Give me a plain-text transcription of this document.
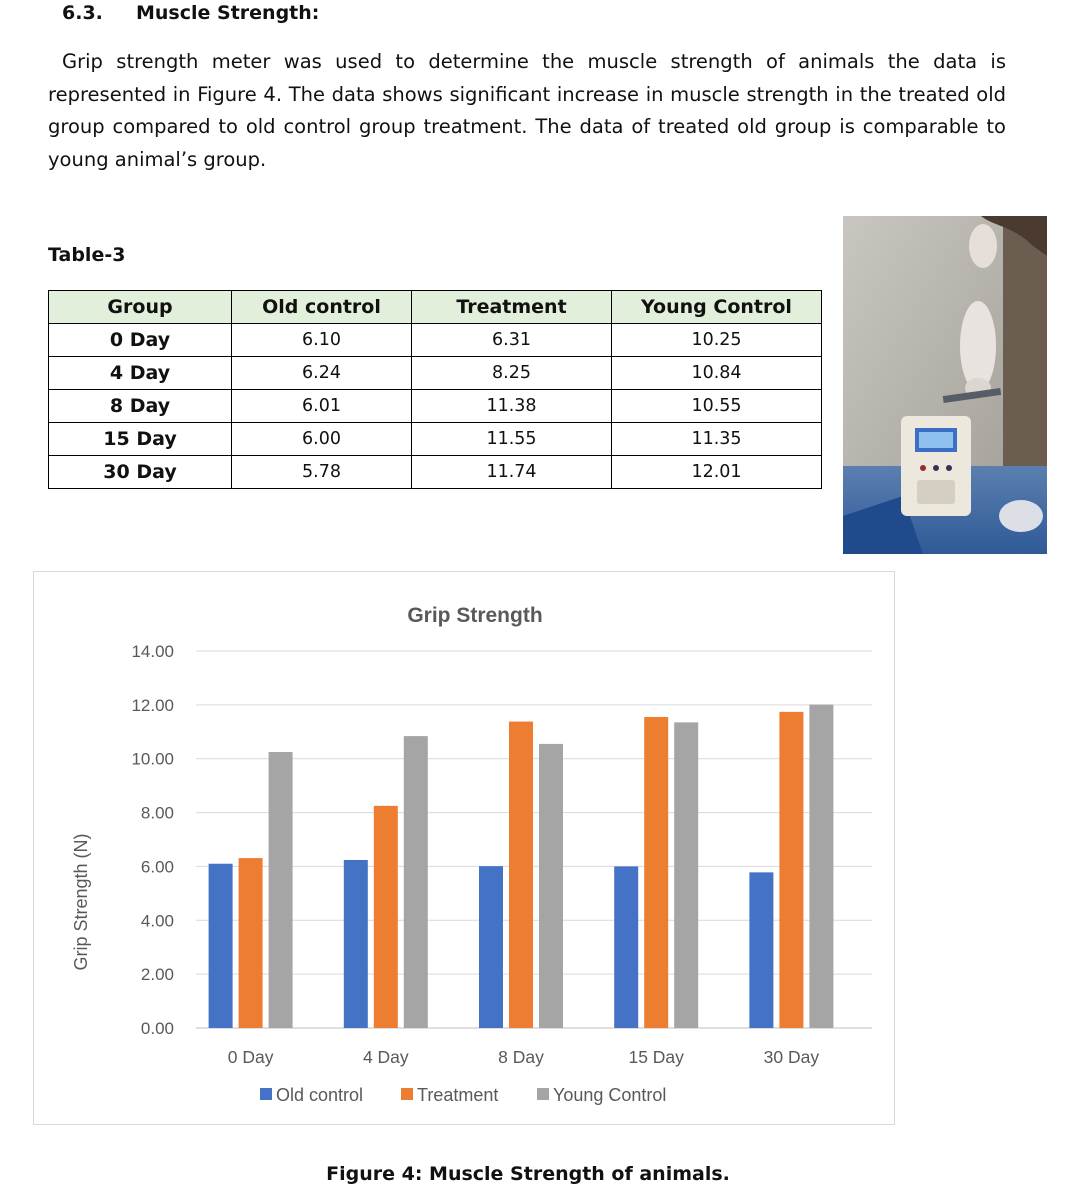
6.3. Muscle Strength:

Grip strength meter was used to determine the muscle strength of animals the data is represented in Figure 4. The data shows significant increase in muscle strength in the treated old group compared to old control group treatment. The data of treated old group is comparable to young animal’s group.

Table-3
Group	Old control	Treatment	Young Control
0 Day	6.10	6.31	10.25
4 Day	6.24	8.25	10.84
8 Day	6.01	11.38	10.55
15 Day	6.00	11.55	11.35
30 Day	5.78	11.74	12.01
Grip Strength
Grip Strength (N)
0.00
2.00
4.00
6.00
8.00
10.00
12.00
14.00
0 Day	4 Day	8 Day	15 Day	30 Day
Old control	Treatment	Young Control
Figure 4: Muscle Strength of animals.
